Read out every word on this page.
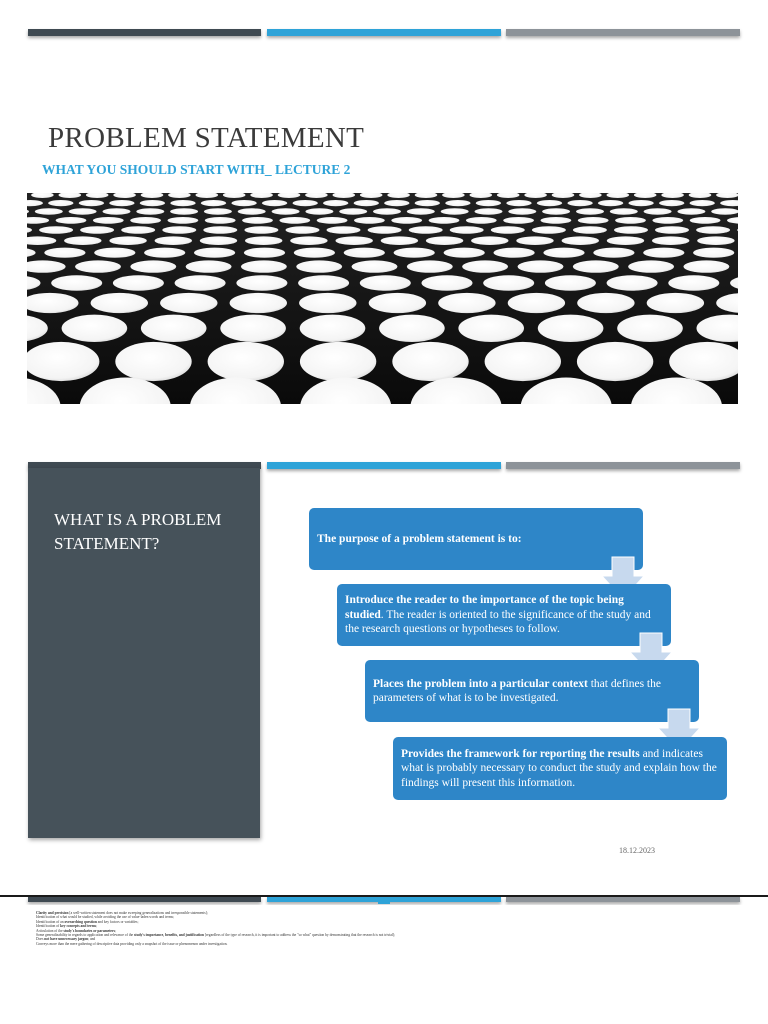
PROBLEM STATEMENT
WHAT YOU SHOULD START WITH_ LECTURE 2
WHAT IS A PROBLEM STATEMENT?	The purpose of a problem statement is to:
Introduce the reader to the importance of the topic being studied. The reader is oriented to the significance of the study and the research questions or hypotheses to follow.
Places the problem into a particular context that defines the parameters of what is to be investigated.
Provides the framework for reporting the results and indicates what is probably necessary to conduct the study and explain how the findings will present this information.
18.12.2023
Clarity and precision [a well-written statement does not make sweeping generalizations and irresponsible statements];
Identification of what would be studied, while avoiding the use of value-laden words and terms;
Identification of an overarching question and key factors or variables;
Identification of key concepts and terms;
Articulation of the study's boundaries or parameters;
Some generalizability in regards to application and relevance of the study's importance, benefits, and justification [regardless of the type of research, it is important to address the "so what" question by demonstrating that the research is not trivial];
Does not have unnecessary jargon; and
Conveys more than the mere gathering of descriptive data providing only a snapshot of the issue or phenomenon under investigation.
